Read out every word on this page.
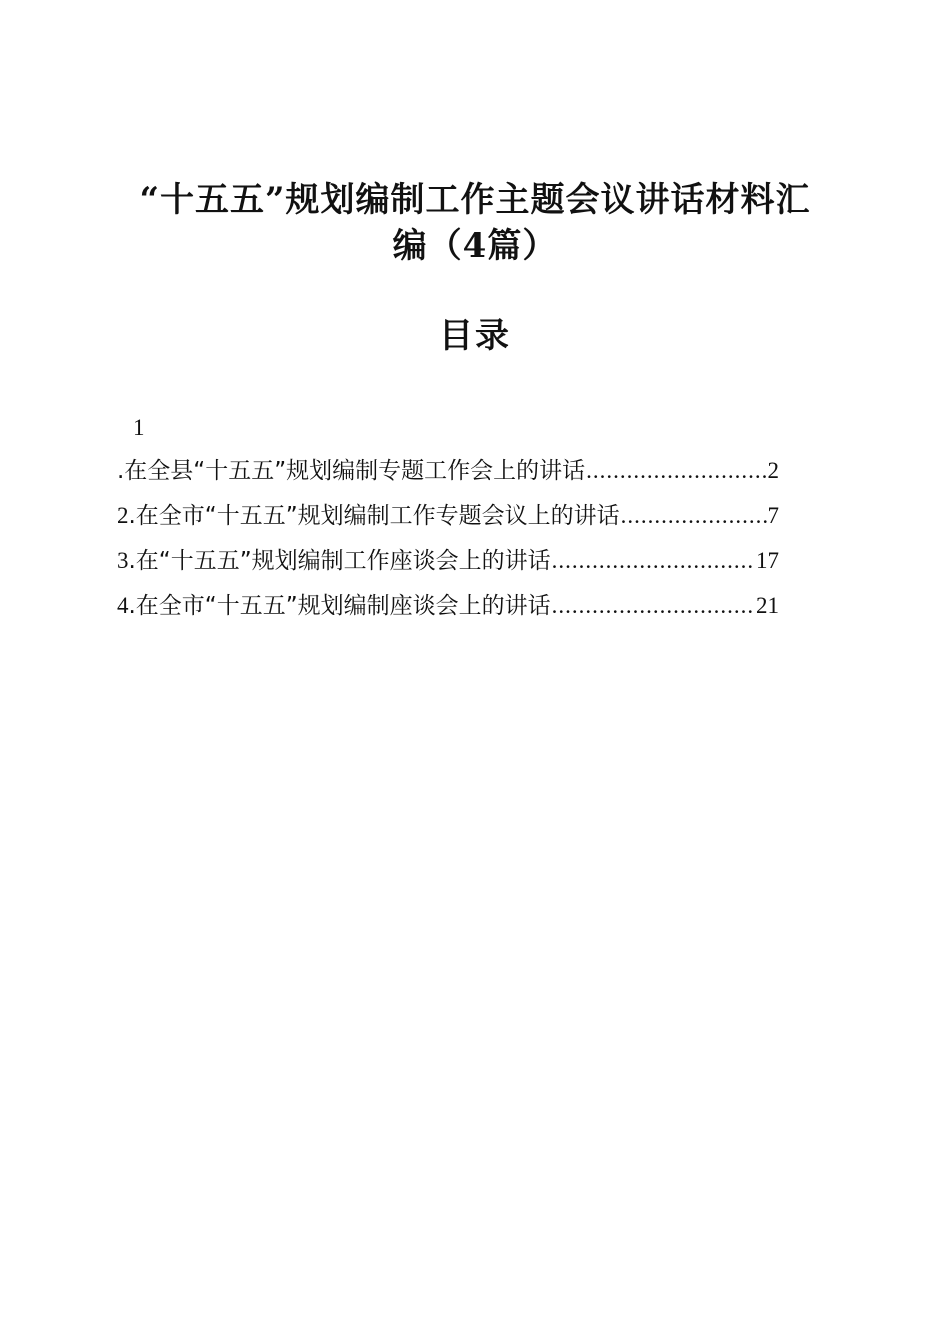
“十五五”规划编制工作主题会议讲话材料汇
编（4篇）
目录
1
.在全县“十五五”规划编制专题工作会上的讲话 .....	2
2 .在全市“十五五”规划编制工作专题会议上的讲话 .....	7
3 .在“十五五”规划编制工作座谈会上的讲话 .....	17
4 .在全市“十五五”规划编制座谈会上的讲话 .....	21
